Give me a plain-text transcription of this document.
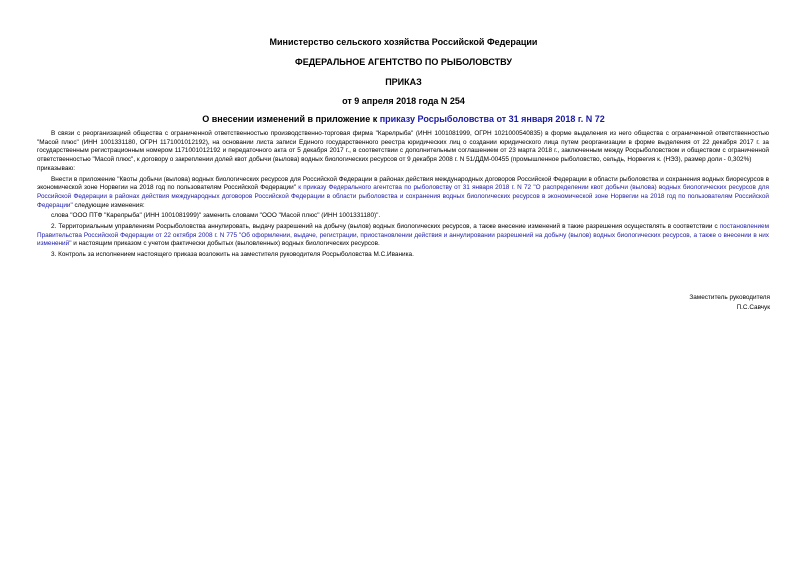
Министерство сельского хозяйства Российской Федерации
ФЕДЕРАЛЬНОЕ АГЕНТСТВО ПО РЫБОЛОВСТВУ
ПРИКАЗ
от 9 апреля 2018 года N 254
О внесении изменений в приложение к приказу Росрыболовства от 31 января 2018 г. N 72

В связи с реорганизацией общества с ограниченной ответственностью производственно-торговая фирма "Карелрыба" (ИНН 1001081999, ОГРН 1021000540835) в форме выделения из него общества с ограниченной ответственностью "Масой плюс" (ИНН 1001331180, ОГРН 1171001012192), на основании листа записи Единого государственного реестра юридических лиц о создании юридического лица путем реорганизации в форме выделения от 22 декабря 2017 г. за государственным регистрационным номером 1171001012192 и передаточного акта от 5 декабря 2017 г., в соответствии с дополнительным соглашением от 23 марта 2018 г., заключенным между Росрыболовством и обществом с ограниченной ответственностью "Масой плюс", к договору о закреплении долей квот добычи (вылова) водных биологических ресурсов от 9 декабря 2008 г. N 51/ДДМ-00455 (промышленное рыболовство, сельдь, Норвегия к. (НЭЗ), размер доли - 0,302%)

приказываю:

Внести в приложение "Квоты добычи (вылова) водных биологических ресурсов для Российской Федерации в районах действия международных договоров Российской Федерации в области рыболовства и сохранения водных биоресурсов в экономической зоне Норвегии на 2018 год по пользователям Российской Федерации" к приказу Федерального агентства по рыболовству от 31 января 2018 г. N 72 "О распределении квот добычи (вылова) водных биологических ресурсов для Российской Федерации в районах действия международных договоров Российской Федерации в области рыболовства и сохранения водных биологических ресурсов в экономической зоне Норвегии на 2018 год по пользователям Российской Федерации" следующие изменения:

слова "ООО ПТФ "Карелрыба" (ИНН 1001081999)" заменить словами "ООО "Масой плюс" (ИНН 1001331180)".

2. Территориальным управлениям Росрыболовства аннулировать, выдачу разрешений на добычу (вылов) водных биологических ресурсов, а также внесение изменений в такие разрешения осуществлять в соответствии с постановлением Правительства Российской Федерации от 22 октября 2008 г. N 775 "Об оформлении, выдаче, регистрации, приостановлении действия и аннулировании разрешений на добычу (вылов) водных биологических ресурсов, а также о внесении в них изменений" и настоящим приказом с учетом фактически добытых (выловленных) водных биологических ресурсов.

3. Контроль за исполнением настоящего приказа возложить на заместителя руководителя Росрыболовства М.С.Иваника.

Заместитель руководителя
П.С.Савчук
